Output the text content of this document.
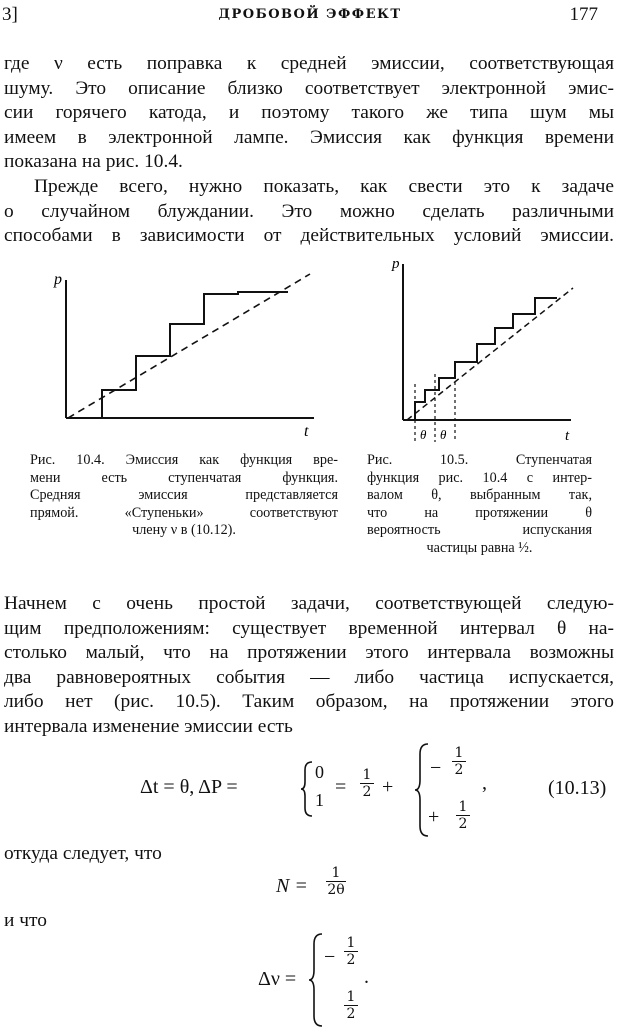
3]	ДРОБОВОЙ ЭФФЕКТ	177
где ν есть поправка к средней эмиссии, соответствующая
шуму. Это описание близко соответствует электронной эмис-
сии горячего катода, и поэтому такого же типа шум мы
имеем в электронной лампе. Эмиссия как функция времени
показана на рис. 10.4.
Прежде всего, нужно показать, как свести это к задаче
о случайном блуждании. Это можно сделать различными
способами в зависимости от действительных условий эмиссии.
p
t
Рис. 10.4. Эмиссия как функция вре-
мени есть ступенчатая функция.
Средняя эмиссия представляется
прямой. «Ступеньки» соответствуют
члену ν в (10.12).
p
t
θ θ
Рис. 10.5. Ступенчатая
функция рис. 10.4 с интер-
валом θ, выбранным так,
что на протяжении θ
вероятность испускания
частицы равна ½.
Начнем с очень простой задачи, соответствующей следую-
щим предположениям: существует временной интервал θ на-
столько малый, что на протяжении этого интервала возможны
два равновероятных события — либо частица испускается,
либо нет (рис. 10.5). Таким образом, на протяжении этого
интервала изменение эмиссии есть
Δt = θ, ΔP =
0
1
=
1
2 +
−
1
2
+ 1
2
,	(10.13)
откуда следует, что
N =
1
2θ
и что
Δν =
−
1
2
1
2
.
